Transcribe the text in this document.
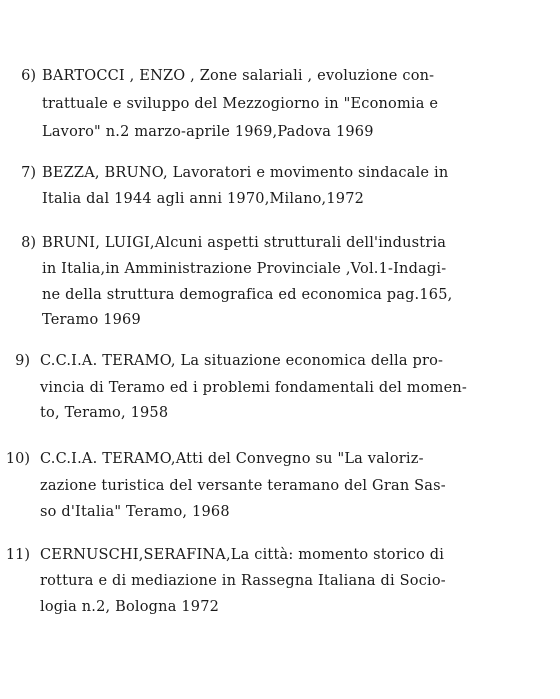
6) BARTOCCI , ENZO , Zone salariali , evoluzione con-
trattuale e sviluppo del Mezzogiorno in "Economia e
Lavoro" n.2 marzo-aprile 1969,Padova 1969
7) BEZZA, BRUNO, Lavoratori e movimento sindacale in
Italia dal 1944 agli anni 1970,Milano,1972
8) BRUNI, LUIGI,Alcuni aspetti strutturali dell'industria
in Italia,in Amministrazione Provinciale ,Vol.1-Indagi-
ne della struttura demografica ed economica pag.165,
Teramo 1969
9) C.C.I.A. TERAMO, La situazione economica della pro-
vincia di Teramo ed i problemi fondamentali del momen-
to, Teramo, 1958
10) C.C.I.A. TERAMO,Atti del Convegno su "La valoriz-
zazione turistica del versante teramano del Gran Sas-
so d'Italia" Teramo, 1968
11) CERNUSCHI,SERAFINA,La città: momento storico di
rottura e di mediazione in Rassegna Italiana di Socio-
logia n.2, Bologna 1972
